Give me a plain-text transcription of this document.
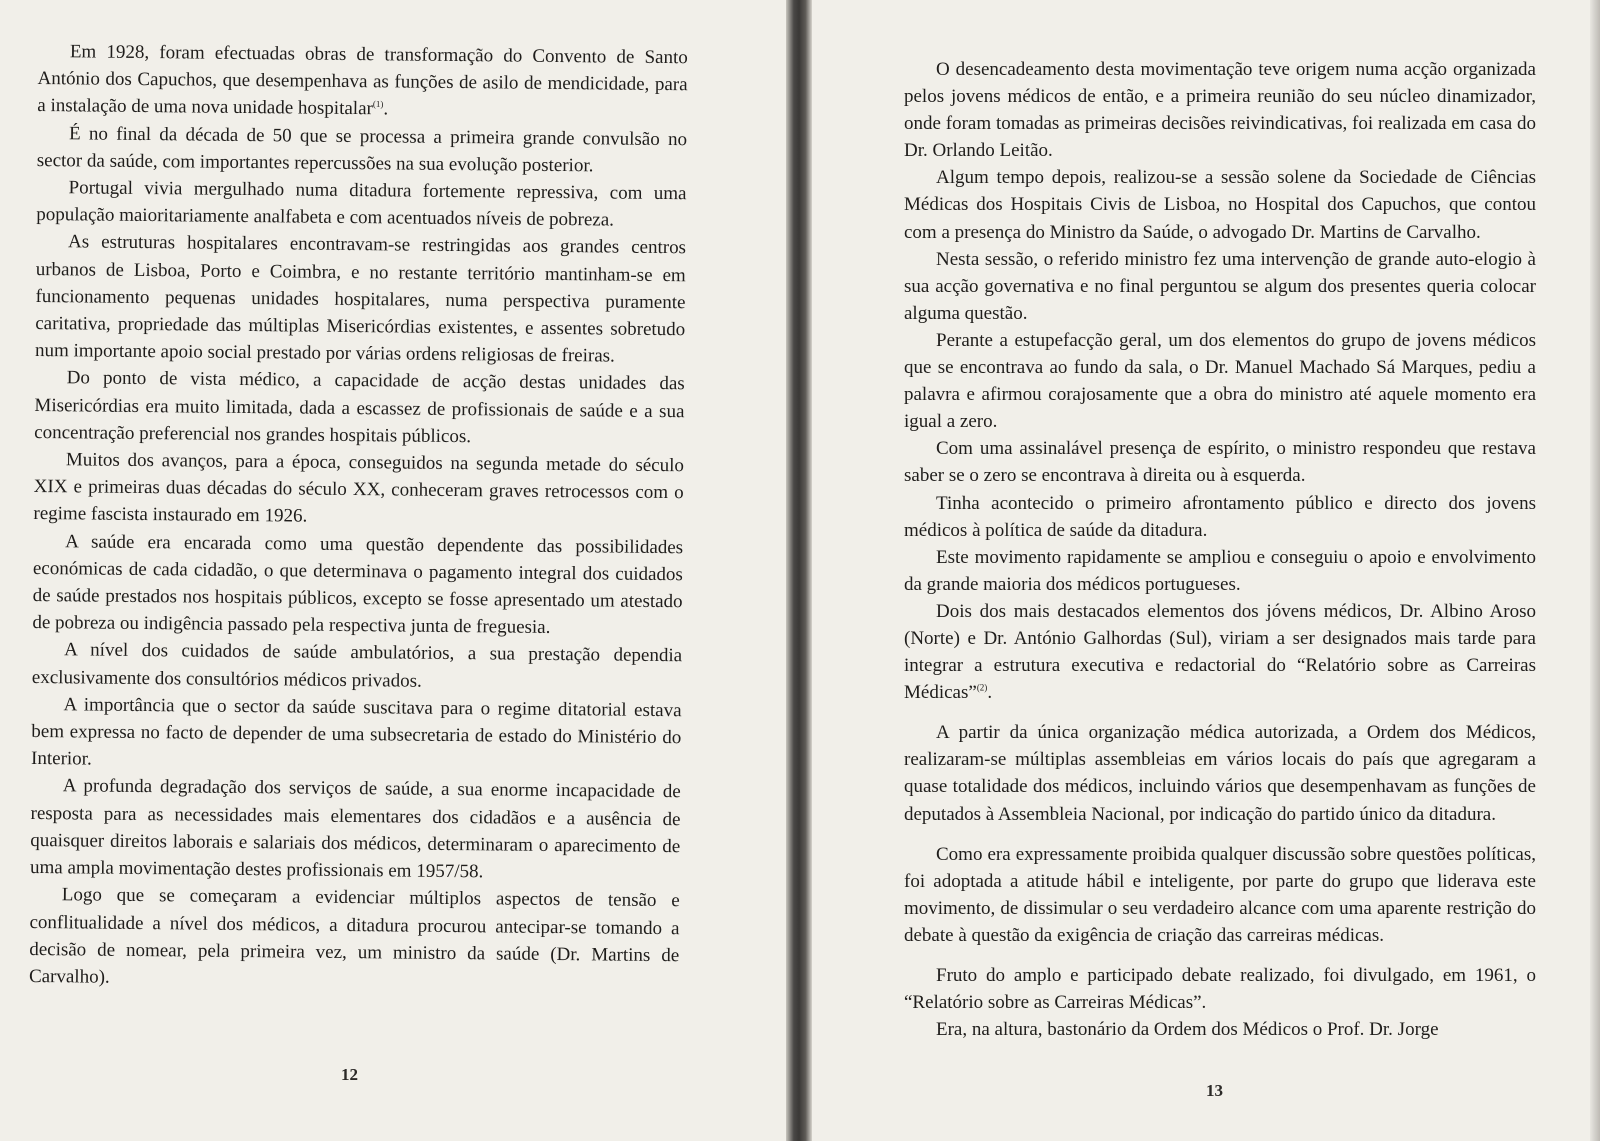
Em 1928, foram efectuadas obras de transformação do Convento de Santo António dos Capuchos, que desempenhava as funções de asilo de mendicidade, para a instalação de uma nova unidade hospitalar$^{(1)}$.

É no final da década de 50 que se processa a primeira grande convulsão no sector da saúde, com importantes repercussões na sua evolução posterior.

Portugal vivia mergulhado numa ditadura fortemente repressiva, com uma população maioritariamente analfabeta e com acentuados níveis de pobreza.

As estruturas hospitalares encontravam-se restringidas aos grandes centros urbanos de Lisboa, Porto e Coimbra, e no restante território mantinham-se em funcionamento pequenas unidades hospitalares, numa perspectiva puramente caritativa, propriedade das múltiplas Misericórdias existentes, e assentes sobretudo num importante apoio social prestado por várias ordens religiosas de freiras.

Do ponto de vista médico, a capacidade de acção destas unidades das Misericórdias era muito limitada, dada a escassez de profissionais de saúde e a sua concentração preferencial nos grandes hospitais públicos.

Muitos dos avanços, para a época, conseguidos na segunda metade do século XIX e primeiras duas décadas do século XX, conheceram graves retrocessos com o regime fascista instaurado em 1926.

A saúde era encarada como uma questão dependente das possibilidades económicas de cada cidadão, o que determinava o pagamento integral dos cuidados de saúde prestados nos hospitais públicos, excepto se fosse apresentado um atestado de pobreza ou indigência passado pela respectiva junta de freguesia.

A nível dos cuidados de saúde ambulatórios, a sua prestação dependia exclusivamente dos consultórios médicos privados.

A importância que o sector da saúde suscitava para o regime ditatorial estava bem expressa no facto de depender de uma subsecretaria de estado do Ministério do Interior.

A profunda degradação dos serviços de saúde, a sua enorme incapacidade de resposta para as necessidades mais elementares dos cidadãos e a ausência de quaisquer direitos laborais e salariais dos médicos, determinaram o aparecimento de uma ampla movimentação destes profissionais em 1957/58.

Logo que se começaram a evidenciar múltiplos aspectos de tensão e conflitualidade a nível dos médicos, a ditadura procurou antecipar-se tomando a decisão de nomear, pela primeira vez, um ministro da saúde (Dr. Martins de Carvalho).

12

O desencadeamento desta movimentação teve origem numa acção organizada pelos jovens médicos de então, e a primeira reunião do seu núcleo dinamizador, onde foram tomadas as primeiras decisões reivindicativas, foi realizada em casa do Dr. Orlando Leitão.

Algum tempo depois, realizou-se a sessão solene da Sociedade de Ciências Médicas dos Hospitais Civis de Lisboa, no Hospital dos Capuchos, que contou com a presença do Ministro da Saúde, o advogado Dr. Martins de Carvalho.

Nesta sessão, o referido ministro fez uma intervenção de grande auto-elogio à sua acção governativa e no final perguntou se algum dos presentes queria colocar alguma questão.

Perante a estupefacção geral, um dos elementos do grupo de jovens médicos que se encontrava ao fundo da sala, o Dr. Manuel Machado Sá Marques, pediu a palavra e afirmou corajosamente que a obra do ministro até aquele momento era igual a zero.

Com uma assinalável presença de espírito, o ministro respondeu que restava saber se o zero se encontrava à direita ou à esquerda.

Tinha acontecido o primeiro afrontamento público e directo dos jovens médicos à política de saúde da ditadura.

Este movimento rapidamente se ampliou e conseguiu o apoio e envolvimento da grande maioria dos médicos portugueses.

Dois dos mais destacados elementos dos jóvens médicos, Dr. Albino Aroso (Norte) e Dr. António Galhordas (Sul), viriam a ser designados mais tarde para integrar a estrutura executiva e redactorial do “Relatório sobre as Carreiras Médicas”$^{(2)}$.

A partir da única organização médica autorizada, a Ordem dos Médicos, realizaram-se múltiplas assembleias em vários locais do país que agregaram a quase totalidade dos médicos, incluindo vários que desempenhavam as funções de deputados à Assembleia Nacional, por indicação do partido único da ditadura.

Como era expressamente proibida qualquer discussão sobre questões políticas, foi adoptada a atitude hábil e inteligente, por parte do grupo que liderava este movimento, de dissimular o seu verdadeiro alcance com uma aparente restrição do debate à questão da exigência de criação das carreiras médicas.

Fruto do amplo e participado debate realizado, foi divulgado, em 1961, o “Relatório sobre as Carreiras Médicas”.

Era, na altura, bastonário da Ordem dos Médicos o Prof. Dr. Jorge

13
